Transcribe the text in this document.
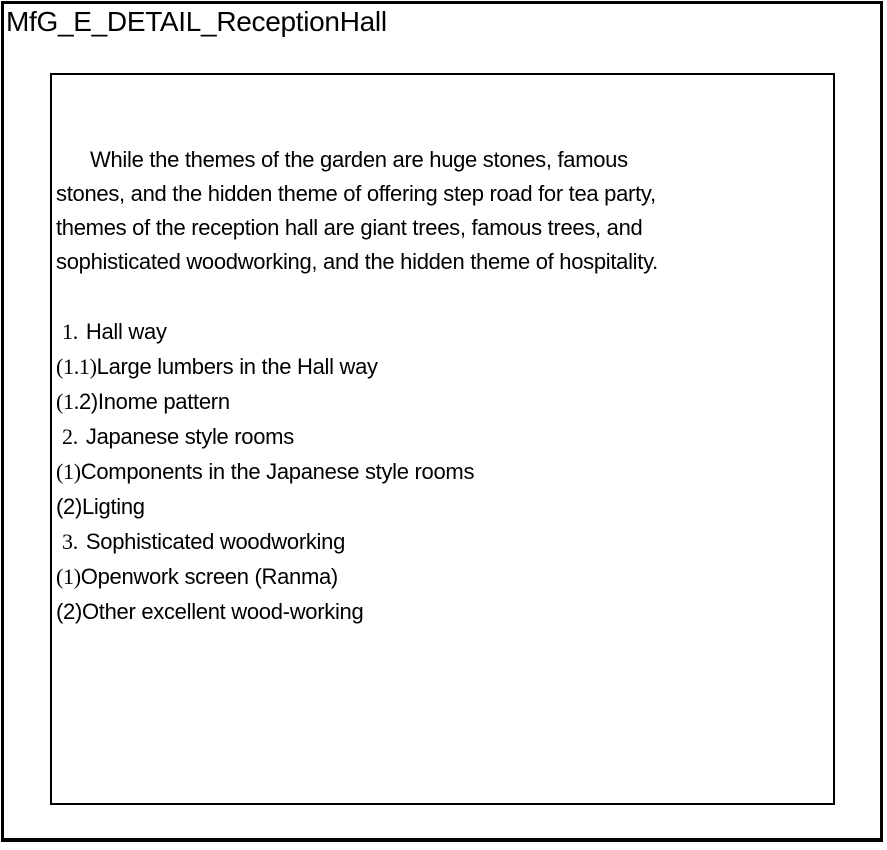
MfG_E_DETAIL_ReceptionHall
While the themes of the garden are huge stones, famous
stones, and the hidden theme of offering step road for tea party,
themes of the reception hall are giant trees, famous trees, and
sophisticated woodworking, and the hidden theme of hospitality.
1. Hall way
(1.1)Large lumbers in the Hall way
(1.2)Inome pattern
2. Japanese style rooms
(1)Components in the Japanese style rooms
(2)Ligting
3. Sophisticated woodworking
(1)Openwork screen (Ranma)
(2)Other excellent wood-working
